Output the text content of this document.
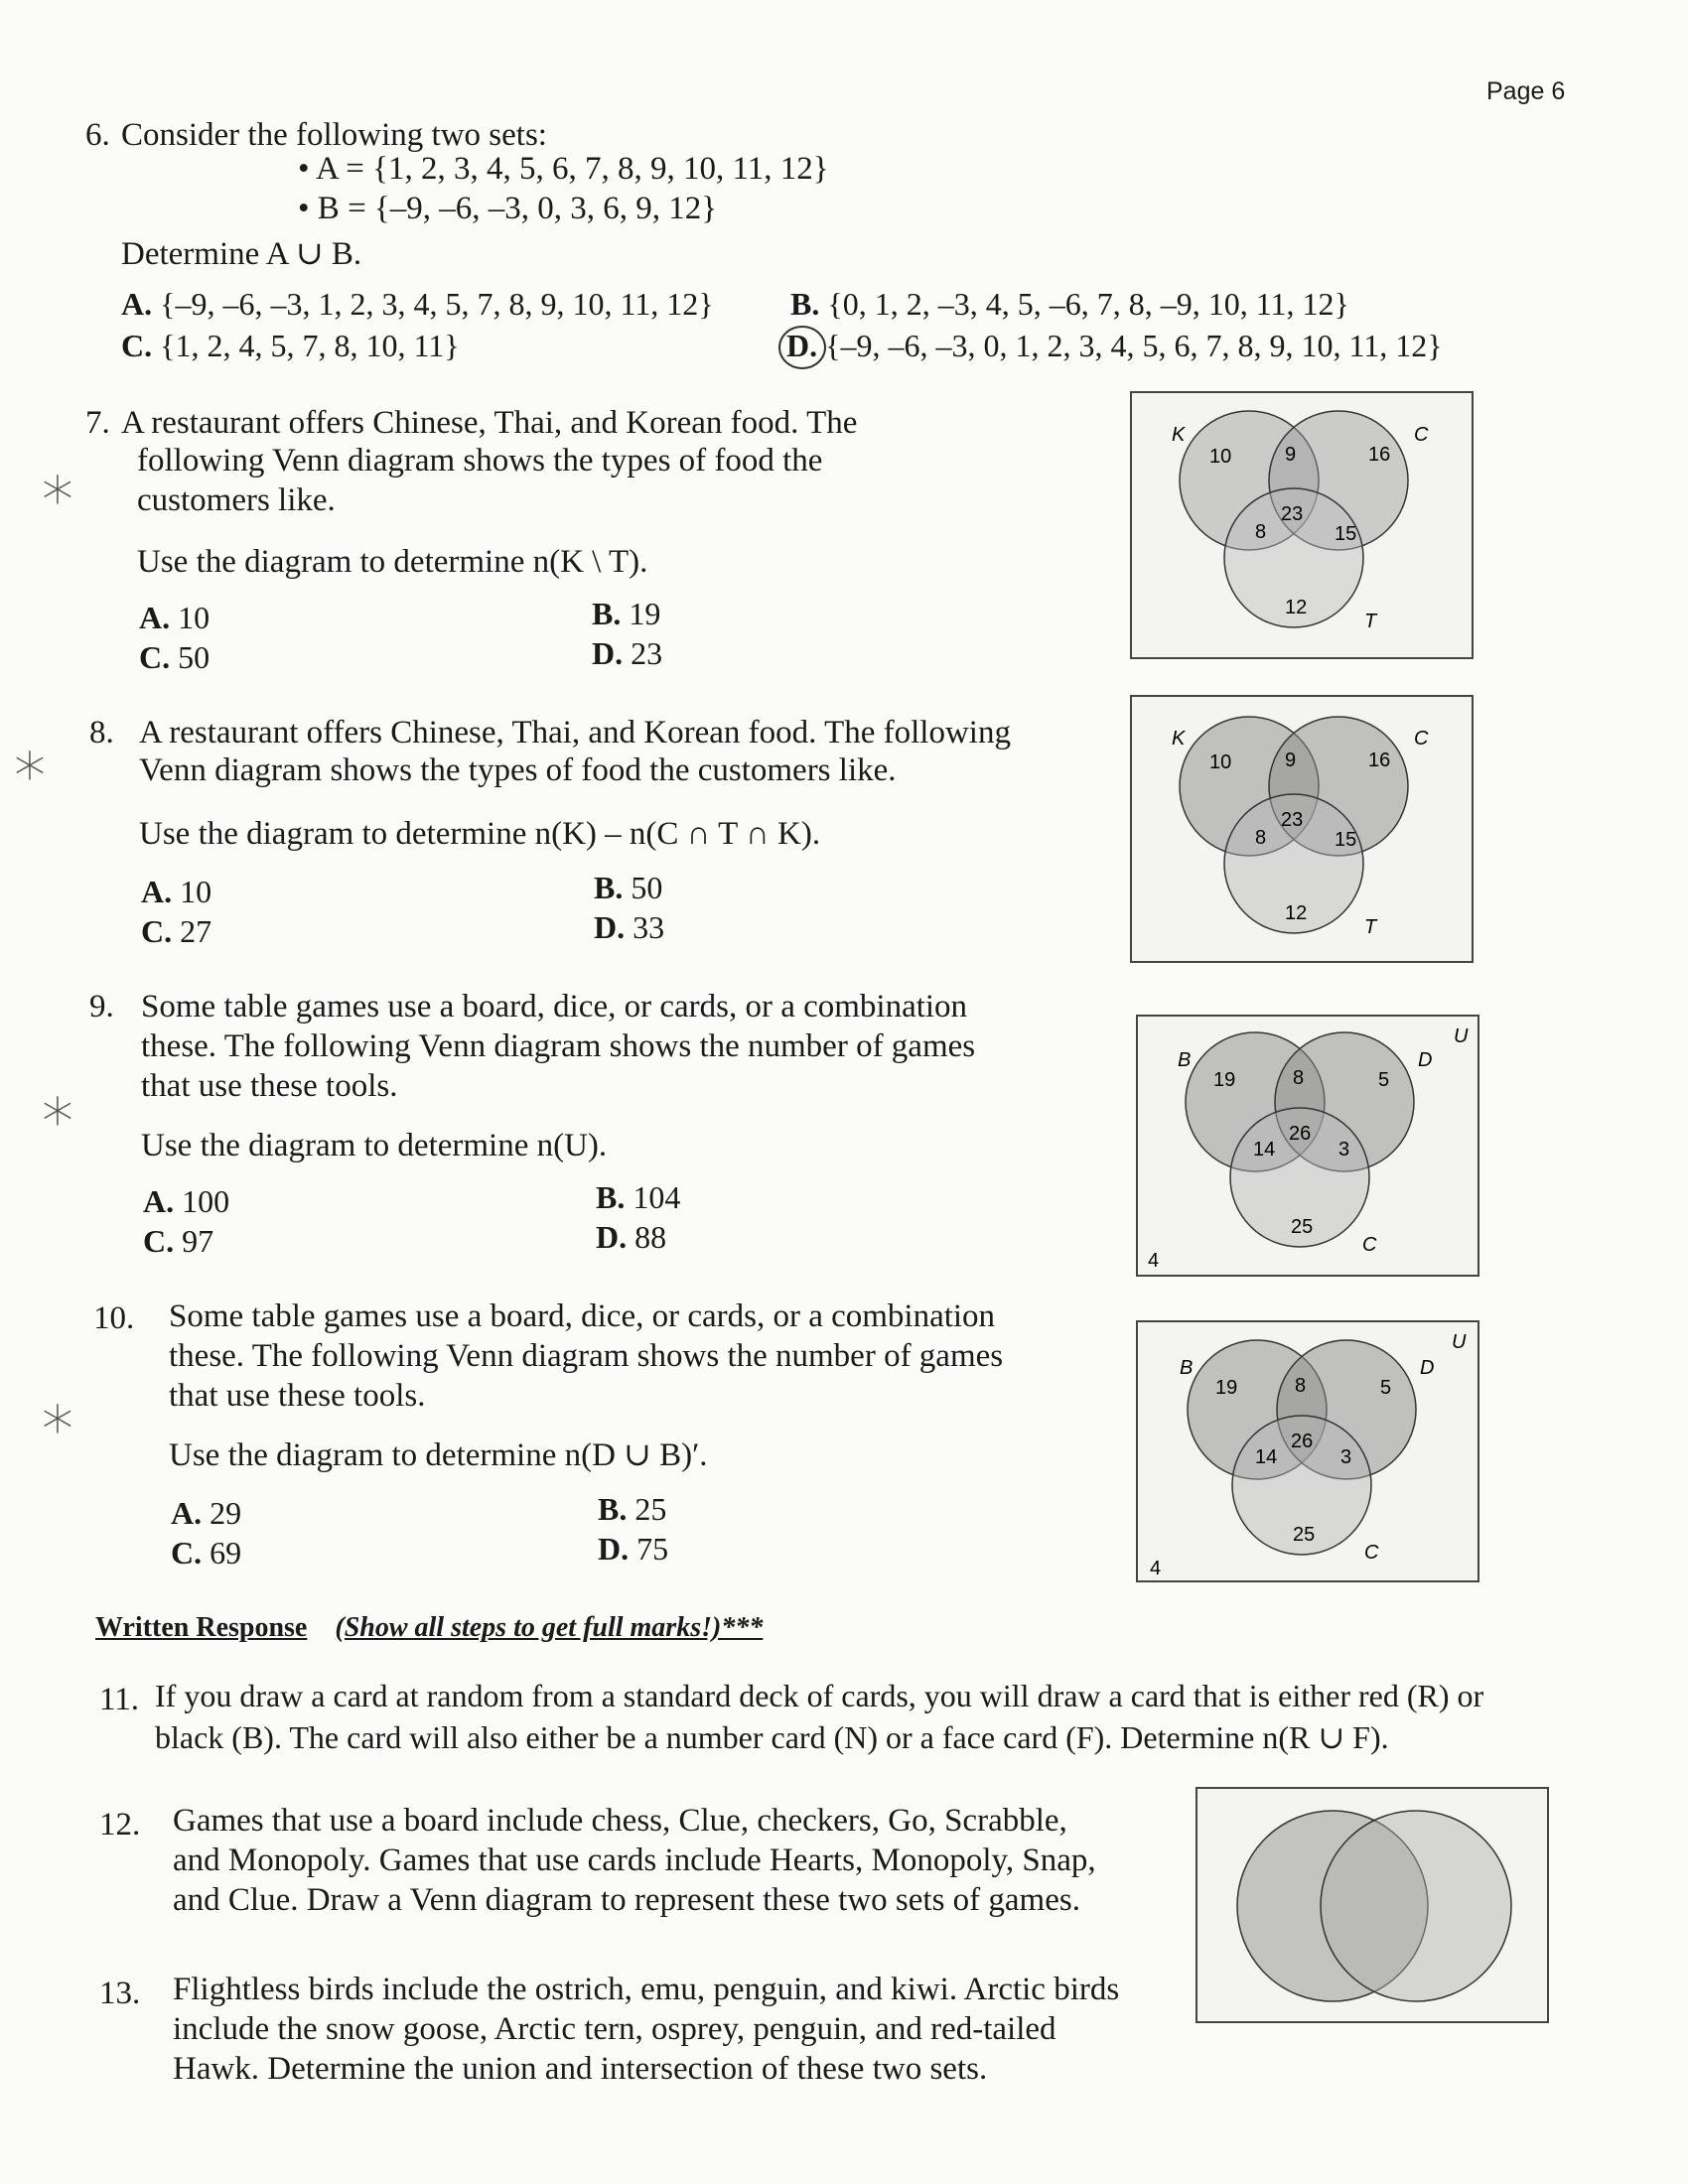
Page 6
6. Consider the following two sets:
• A = {1, 2, 3, 4, 5, 6, 7, 8, 9, 10, 11, 12}
• B = {–9, –6, –3, 0, 3, 6, 9, 12}
Determine A ∪ B.
A. {–9, –6, –3, 1, 2, 3, 4, 5, 7, 8, 9, 10, 11, 12} B. {0, 1, 2, –3, 4, 5, –6, 7, 8, –9, 10, 11, 12}
C. {1, 2, 4, 5, 7, 8, 10, 11}	D. {–9, –6, –3, 0, 1, 2, 3, 4, 5, 6, 7, 8, 9, 10, 11, 12}
*
7. A restaurant offers Chinese, Thai, and Korean food. The
following Venn diagram shows the types of food the
customers like.
Use the diagram to determine n(K \ T).
A. 10	B. 19
C. 50	D. 23
K	C
T
10	9	16
23
8	15
12
*
8. A restaurant offers Chinese, Thai, and Korean food. The following
Venn diagram shows the types of food the customers like.
Use the diagram to determine n(K) – n(C ∩ T ∩ K).
A. 10	B. 50
C. 27	D. 33
K	C
T
10	9	16
23
8	15
12
*
9. Some table games use a board, dice, or cards, or a combination
these. The following Venn diagram shows the number of games
that use these tools.
Use the diagram to determine n(U).
A. 100	B. 104
C. 97	D. 88
B	D
C
U
19	8	5
26
14	3
25
4
*
10. Some table games use a board, dice, or cards, or a combination
these. The following Venn diagram shows the number of games
that use these tools.
Use the diagram to determine n(D ∪ B)′.
A. 29	B. 25
C. 69	D. 75
B	D
C
U
19	8	5
26
14	3
25
4
Written Response (Show all steps to get full marks!)***
11. If you draw a card at random from a standard deck of cards, you will draw a card that is either red (R) or
black (B). The card will also either be a number card (N) or a face card (F). Determine n(R ∪ F).
12. Games that use a board include chess, Clue, checkers, Go, Scrabble,
and Monopoly. Games that use cards include Hearts, Monopoly, Snap,
and Clue. Draw a Venn diagram to represent these two sets of games.
13. Flightless birds include the ostrich, emu, penguin, and kiwi. Arctic birds
include the snow goose, Arctic tern, osprey, penguin, and red-tailed
Hawk. Determine the union and intersection of these two sets.
